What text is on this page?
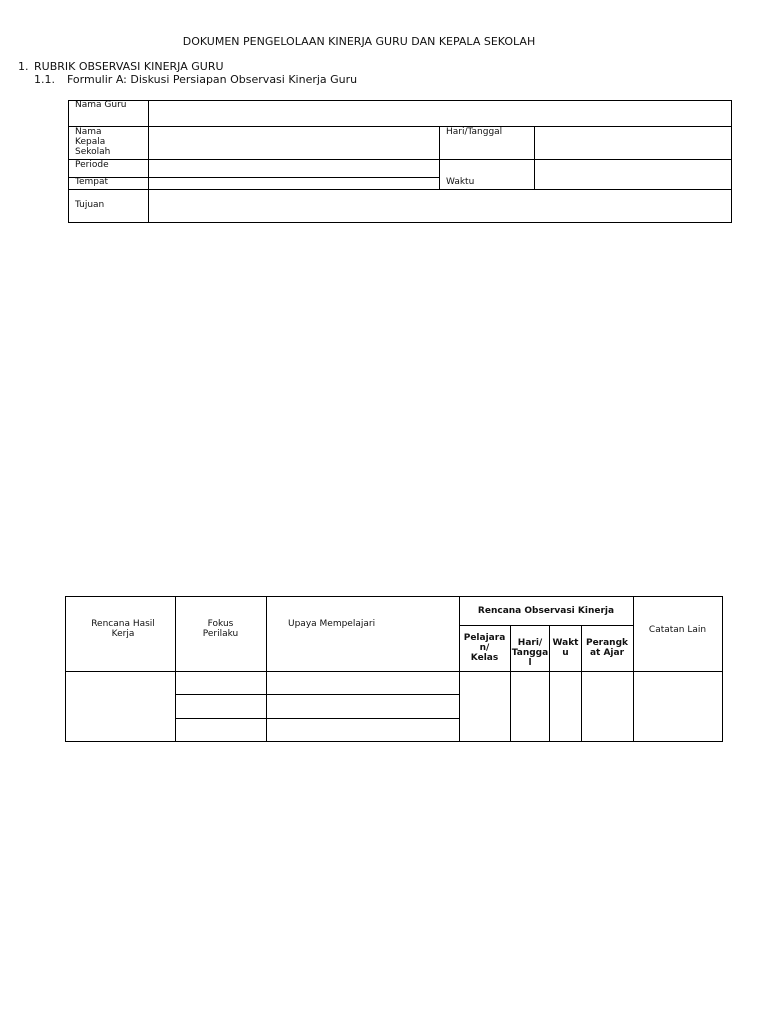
DOKUMEN PENGELOLAAN KINERJA GURU DAN KEPALA SEKOLAH
1. RUBRIK OBSERVASI KINERJA GURU
1.1. Formulir A: Diskusi Persiapan Observasi Kinerja Guru
Nama Guru
Nama
Kepala
Sekolah
Hari/Tanggal
Periode
Tempat	Waktu
Tujuan
Rencana Hasil
Kerja
Fokus
Perilaku
Upaya Mempelajari
Rencana Observasi Kinerja
Pelajara
n/
Kelas
Hari/
Tangga
l
Wakt
u
Perangk
at Ajar
Catatan Lain
